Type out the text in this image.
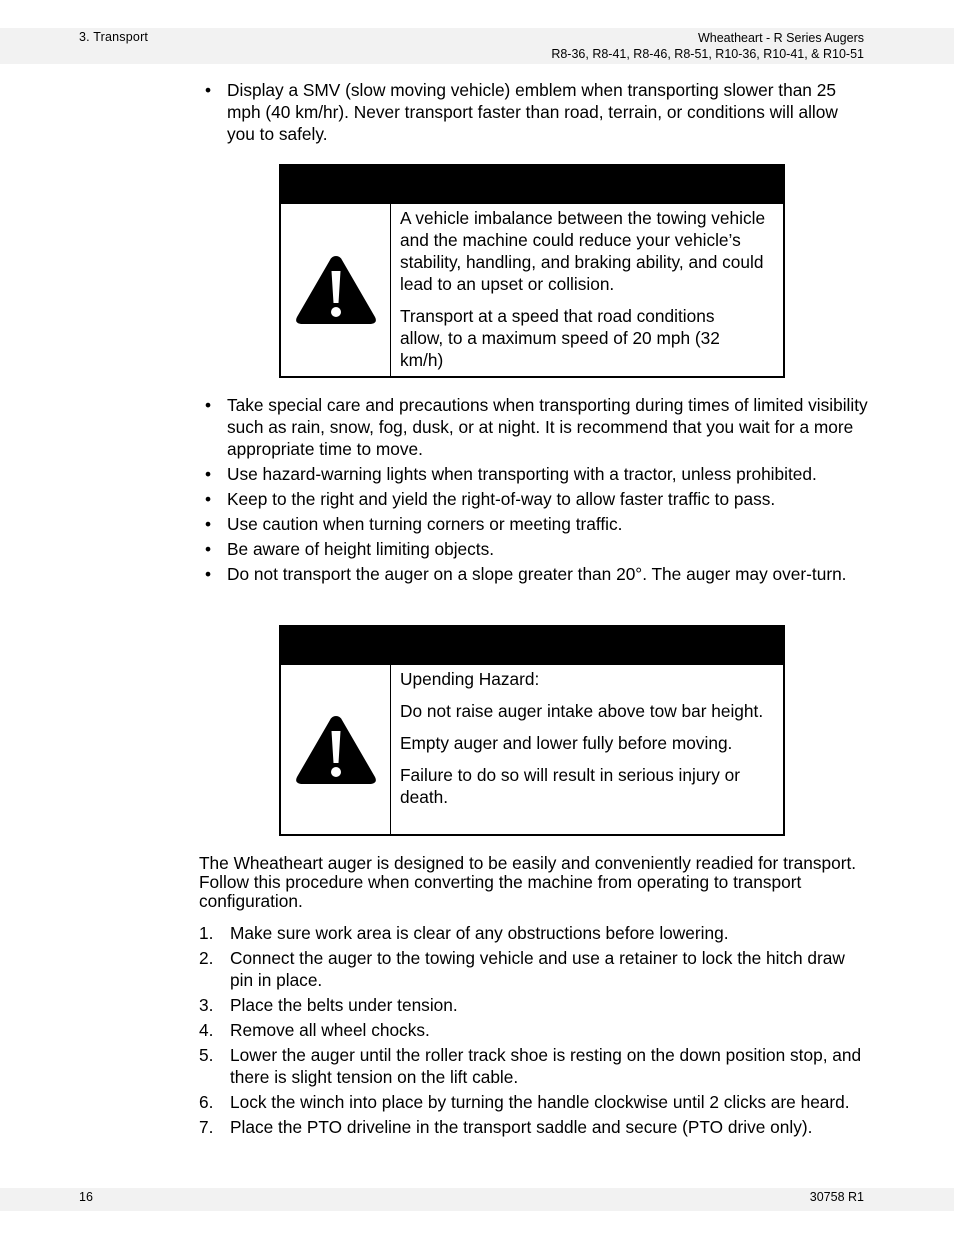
3. Transport	Wheatheart - R Series Augers
R8-36, R8-41, R8-46, R8-51, R10-36, R10-41, & R10-51
• Display a SMV (slow moving vehicle) emblem when transporting slower than 25 mph (40 km/hr). Never transport faster than road, terrain, or conditions will allow you to safely.

A vehicle imbalance between the towing vehicle and the machine could reduce your vehicle’s stability, handling, and braking ability, and could lead to an upset or collision.

Transport at a speed that road conditions allow, to a maximum speed of 20 mph (32 km/h)

• Take special care and precautions when transporting during times of limited visibility such as rain, snow, fog, dusk, or at night. It is recommend that you wait for a more appropriate time to move.
• Use hazard-warning lights when transporting with a tractor, unless prohibited.
• Keep to the right and yield the right-of-way to allow faster traffic to pass.
• Use caution when turning corners or meeting traffic.
• Be aware of height limiting objects.
• Do not transport the auger on a slope greater than 20°. The auger may over-turn.

Upending Hazard:

Do not raise auger intake above tow bar height.

Empty auger and lower fully before moving.

Failure to do so will result in serious injury or death.

The Wheatheart auger is designed to be easily and conveniently readied for transport. Follow this procedure when converting the machine from operating to transport configuration.

1. Make sure work area is clear of any obstructions before lowering.
2. Connect the auger to the towing vehicle and use a retainer to lock the hitch draw pin in place.
3. Place the belts under tension.
4. Remove all wheel chocks.
5. Lower the auger until the roller track shoe is resting on the down position stop, and there is slight tension on the lift cable.
6. Lock the winch into place by turning the handle clockwise until 2 clicks are heard.
7. Place the PTO driveline in the transport saddle and secure (PTO drive only).
16	30758 R1
